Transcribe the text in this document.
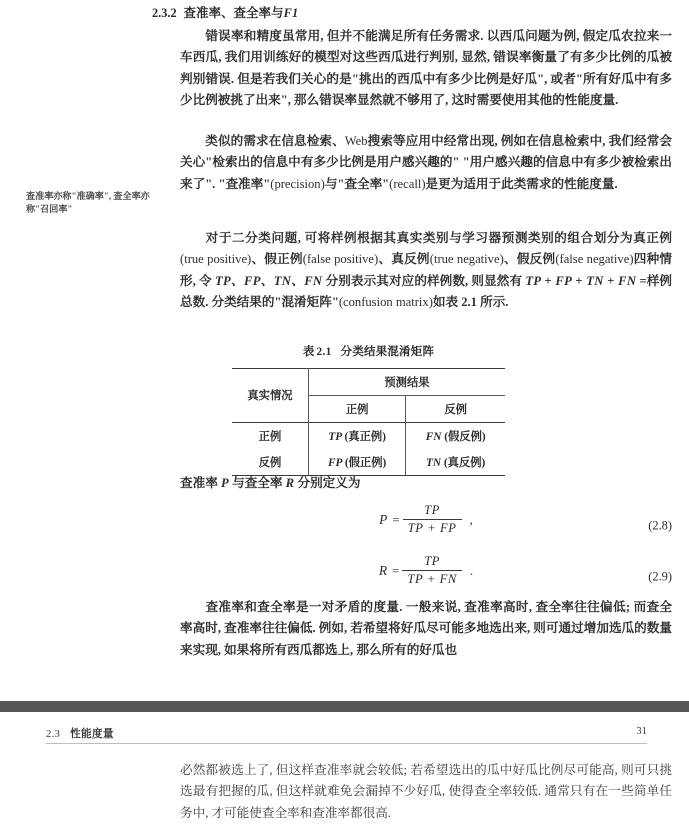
2.3.2 查准率、查全率与F1
查准率亦称"准确率", 查全率亦称"召回率"
错误率和精度虽常用, 但并不能满足所有任务需求. 以西瓜问题为例, 假定瓜农拉来一车西瓜, 我们用训练好的模型对这些西瓜进行判别, 显然, 错误率衡量了有多少比例的瓜被判别错误. 但是若我们关心的是"挑出的西瓜中有多少比例是好瓜", 或者"所有好瓜中有多少比例被挑了出来", 那么错误率显然就不够用了, 这时需要使用其他的性能度量.
类似的需求在信息检索、Web搜索等应用中经常出现, 例如在信息检索中, 我们经常会关心"检索出的信息中有多少比例是用户感兴趣的" "用户感兴趣的信息中有多少被检索出来了". "查准率"(precision)与"查全率"(recall)是更为适用于此类需求的性能度量.
对于二分类问题, 可将样例根据其真实类别与学习器预测类别的组合划分为真正例(true positive)、假正例(false positive)、真反例(true negative)、假反例(false negative)四种情形, 令 TP、FP、TN、FN 分别表示其对应的样例数, 则显然有 TP + FP + TN + FN =样例总数. 分类结果的"混淆矩阵"(confusion matrix)如表 2.1 所示.
表 2.1 分类结果混淆矩阵
真实情况	预测结果	
	正例	反例
正例	TP (真正例)	FN (假反例)
反例	FP (假正例)	TN (真反例)
查准率 P 与查全率 R 分别定义为
$P = \frac{TP}{TP + FP}$ ,	(2.8)
$R = \frac{TP}{TP + FN}$ .	(2.9)
查准率和查全率是一对矛盾的度量. 一般来说, 查准率高时, 查全率往往偏低; 而查全率高时, 查准率往往偏低. 例如, 若希望将好瓜尽可能多地选出来, 则可通过增加选瓜的数量来实现, 如果将所有西瓜都选上, 那么所有的好瓜也
2.3 性能度量	31
必然都被选上了, 但这样查准率就会较低; 若希望选出的瓜中好瓜比例尽可能高, 则可只挑选最有把握的瓜, 但这样就难免会漏掉不少好瓜, 使得查全率较低. 通常只有在一些简单任务中, 才可能使查全率和查准率都很高.
